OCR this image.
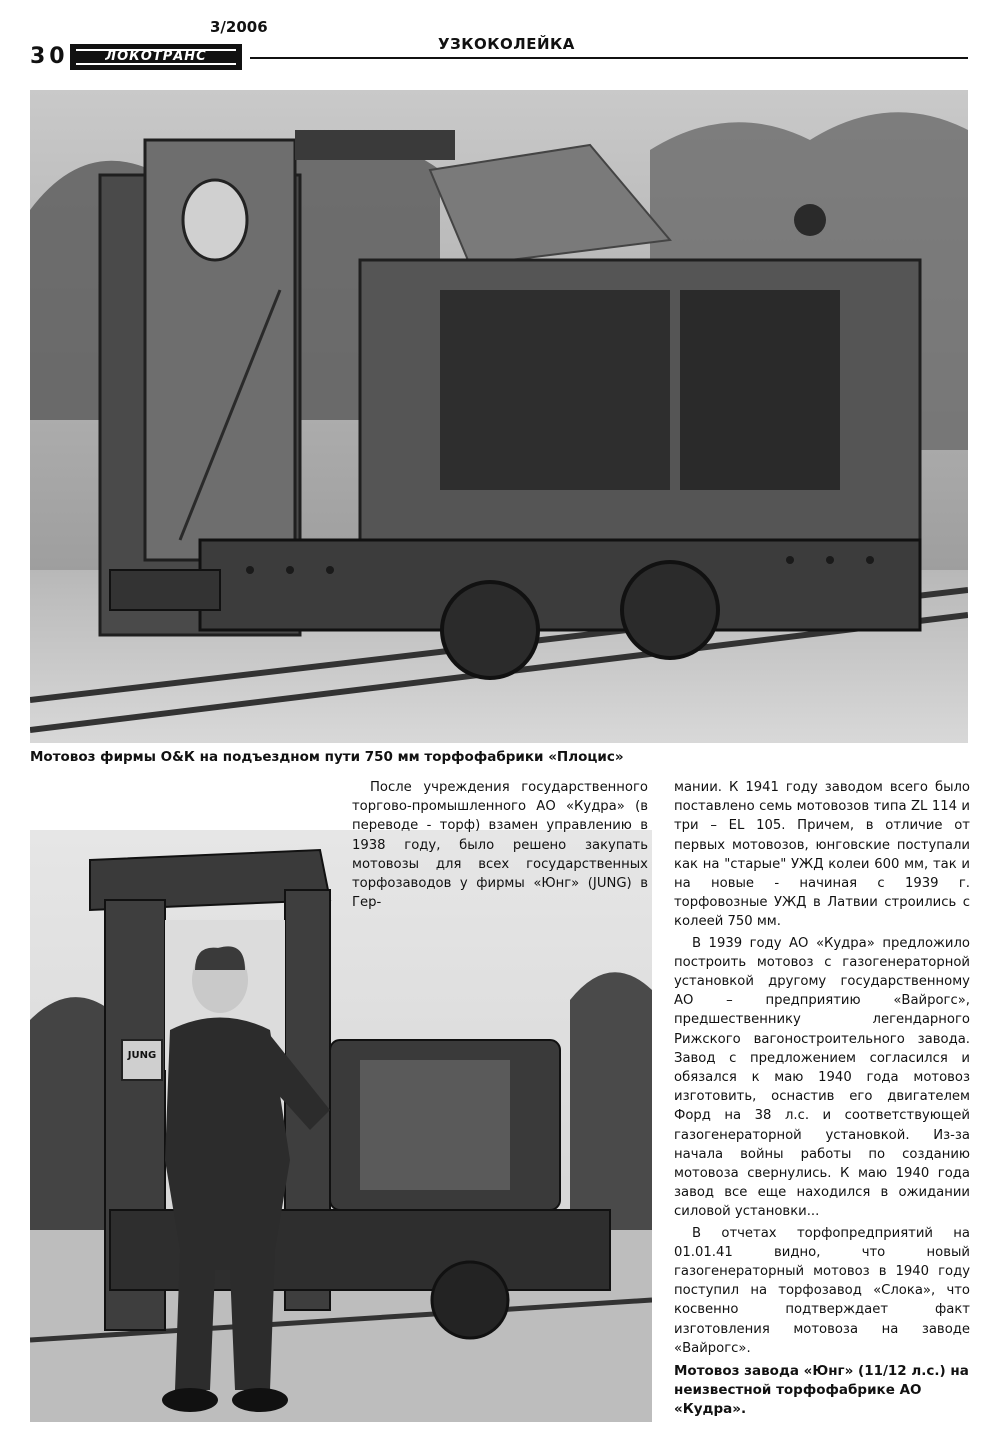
30
3/2006
ЛОКОТРАНС
УЗКОКОЛЕЙКА
Мотовоз фирмы О&К на подъездном пути 750 мм торфофабрики «Плоцис»
JUNG

После учреждения государственного торгово-промышленного АО «Кудра» (в переводе - торф) взамен управлению в 1938 году, было решено закупать мотовозы для всех государственных торфозаводов у фирмы «Юнг» (JUNG) в Гер-

мании. К 1941 году заводом всего было поставлено семь мотовозов типа ZL 114 и три – EL 105. Причем, в отличие от первых мотовозов, юнговские поступали как на "старые" УЖД колеи 600 мм, так и на новые - начиная с 1939 г. торфовозные УЖД в Латвии строились с колеей 750 мм.

В 1939 году АО «Кудра» предложило построить мотовоз с газогенераторной установкой другому государственному АО – предприятию «Вайрогс», предшественнику легендарного Рижского вагоностроительного завода. Завод с предложением согласился и обязался к маю 1940 года мотовоз изготовить, оснастив его двигателем Форд на 38 л.с. и соответствующей газогенераторной установкой. Из-за начала войны работы по созданию мотовоза свернулись. К маю 1940 года завод все еще находился в ожидании силовой установки...

В отчетах торфопредприятий на 01.01.41 видно, что новый газогенераторный мотовоз в 1940 году поступил на торфозавод «Слока», что косвенно подтверждает факт изготовления мотовоза на заводе «Вайрогс».

Мотовоз завода «Юнг» (11/12 л.с.) на неизвестной торфофабрике АО «Кудра».
